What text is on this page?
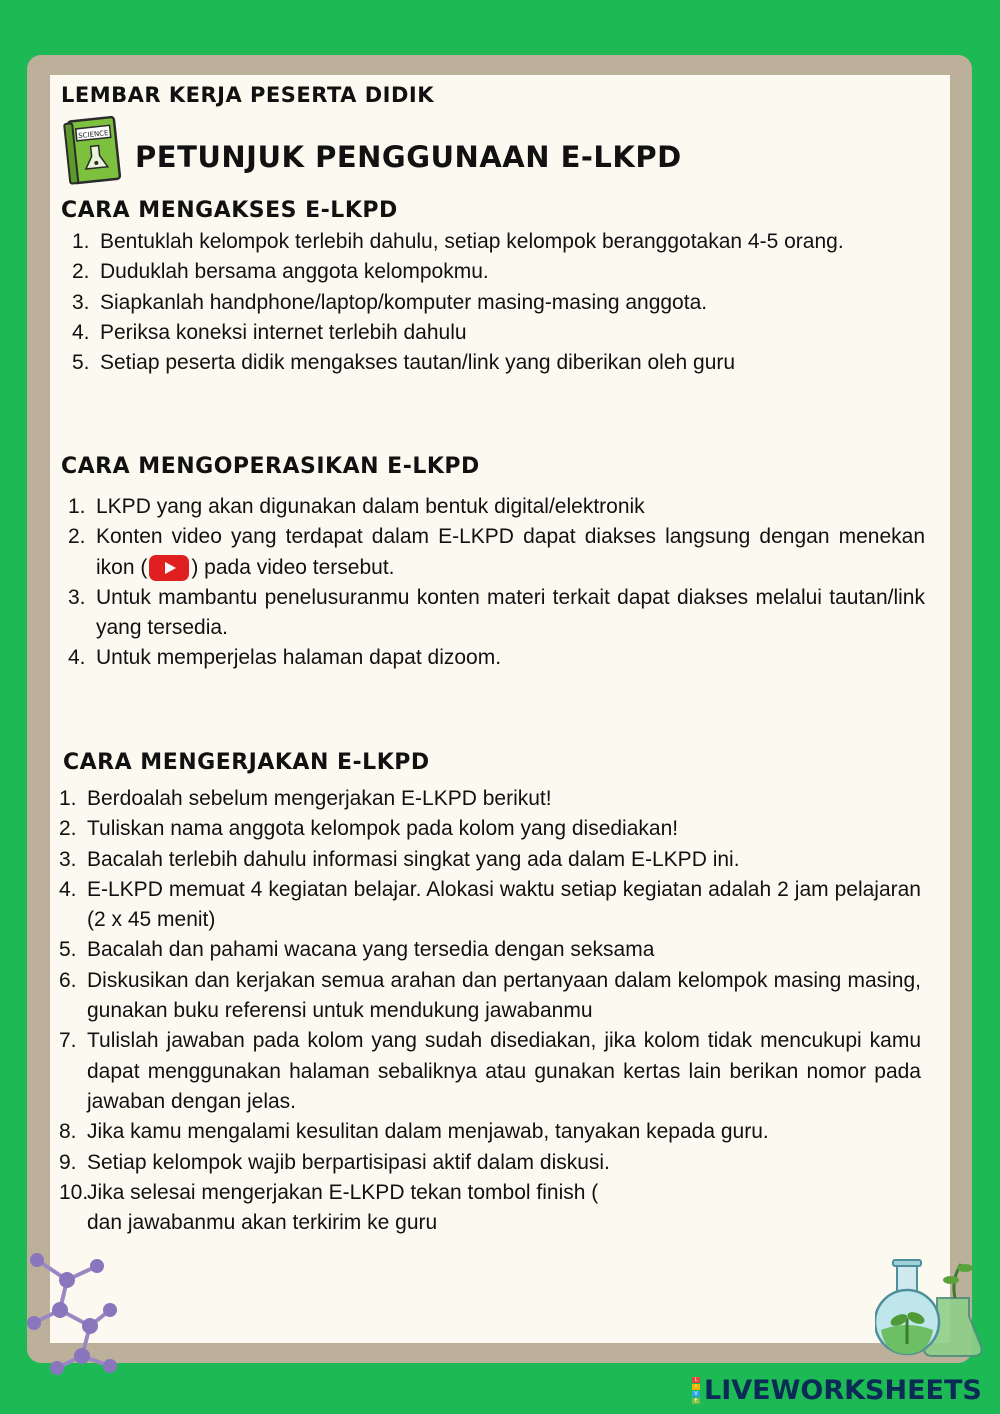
LEMBAR KERJA PESERTA DIDIK
SCIENCE
PETUNJUK PENGGUNAAN E-LKPD
CARA MENGAKSES E-LKPD
1. Bentuklah kelompok terlebih dahulu, setiap kelompok beranggotakan 4-5 orang.
2. Duduklah bersama anggota kelompokmu.
3. Siapkanlah handphone/laptop/komputer masing-masing anggota.
4. Periksa koneksi internet terlebih dahulu
5. Setiap peserta didik mengakses tautan/link yang diberikan oleh guru
CARA MENGOPERASIKAN E-LKPD
1. LKPD yang akan digunakan dalam bentuk digital/elektronik
2. Konten video yang terdapat dalam E-LKPD dapat diakses langsung dengan menekan ikon ( ) pada video tersebut.
3. Untuk mambantu penelusuranmu konten materi terkait dapat diakses melalui tautan/link yang tersedia.
4. Untuk memperjelas halaman dapat dizoom.
CARA MENGERJAKAN E-LKPD
1. Berdoalah sebelum mengerjakan E-LKPD berikut!
2. Tuliskan nama anggota kelompok pada kolom yang disediakan!
3. Bacalah terlebih dahulu informasi singkat yang ada dalam E-LKPD ini.
4. E-LKPD memuat 4 kegiatan belajar. Alokasi waktu setiap kegiatan adalah 2 jam pelajaran (2 x 45 menit)
5. Bacalah dan pahami wacana yang tersedia dengan seksama
6. Diskusikan dan kerjakan semua arahan dan pertanyaan dalam kelompok masing masing, gunakan buku referensi untuk mendukung jawabanmu
7. Tulislah jawaban pada kolom yang sudah disediakan, jika kolom tidak mencukupi kamu dapat menggunakan halaman sebaliknya atau gunakan kertas lain berikan nomor pada jawaban dengan jelas.
8. Jika kamu mengalami kesulitan dalam menjawab, tanyakan kepada guru.
9. Setiap kelompok wajib berpartisipasi aktif dalam diskusi.
10.
Jika selesai mengerjakan E-LKPD tekan tombol finish (
dan jawabanmu akan terkirim ke guru
L
I
V
E LIVEWORKSHEETS
